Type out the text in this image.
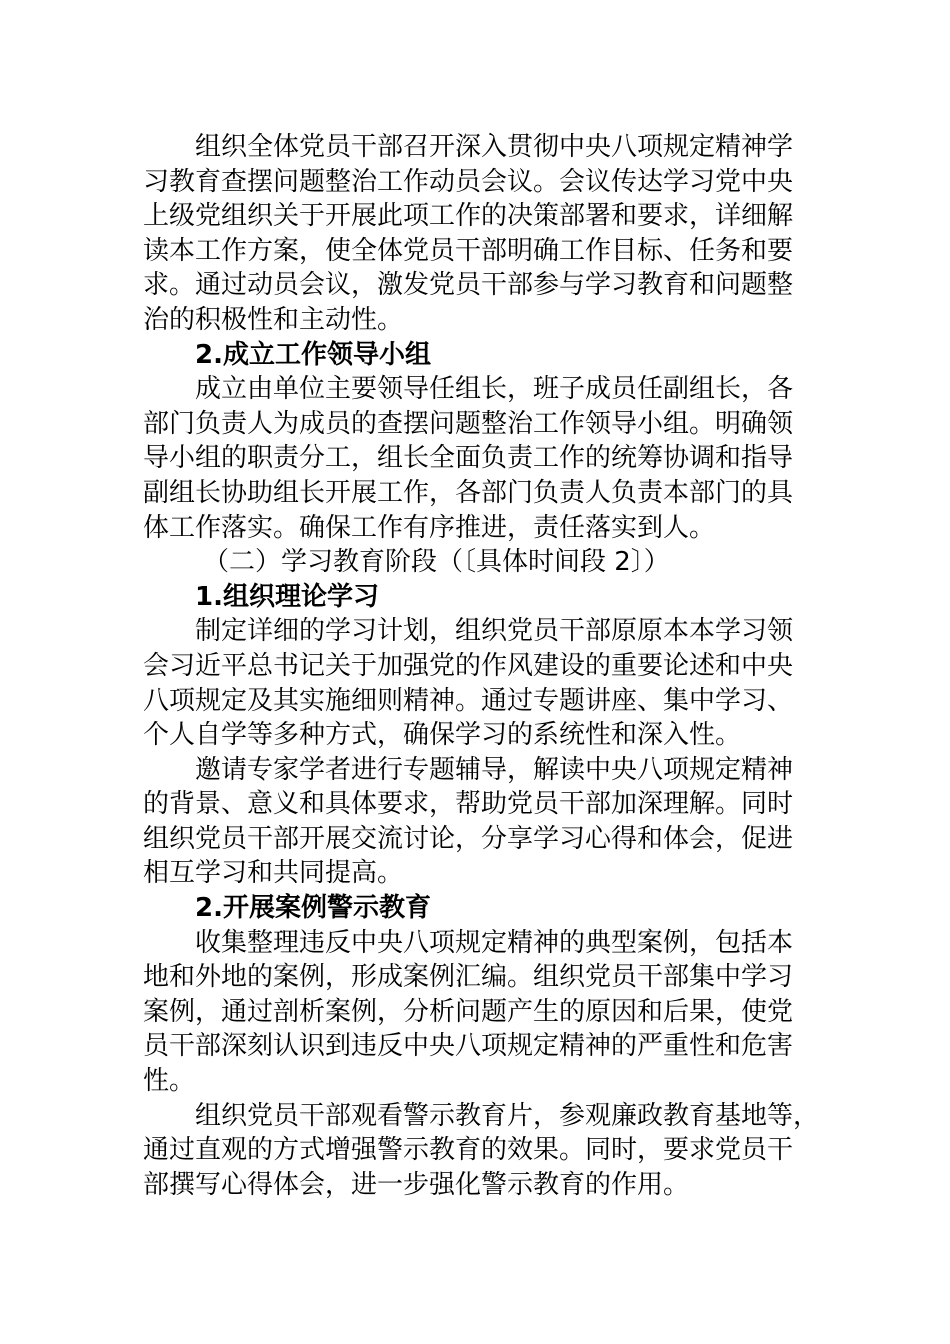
组织全体党员干部召开深入贯彻中央八项规定精神学
习教育查摆问题整治工作动员会议。会议传达学习党中央
上级党组织关于开展此项工作的决策部署和要求，详细解
读本工作方案，使全体党员干部明确工作目标、任务和要
求。通过动员会议，激发党员干部参与学习教育和问题整
治的积极性和主动性。
2.成立工作领导小组
成立由单位主要领导任组长，班子成员任副组长，各
部门负责人为成员的查摆问题整治工作领导小组。明确领
导小组的职责分工，组长全面负责工作的统筹协调和指导
副组长协助组长开展工作，各部门负责人负责本部门的具
体工作落实。确保工作有序推进，责任落实到人。
（二）学习教育阶段（〔具体时间段 2〕）
1.组织理论学习
制定详细的学习计划，组织党员干部原原本本学习领
会习近平总书记关于加强党的作风建设的重要论述和中央
八项规定及其实施细则精神。通过专题讲座、集中学习、
个人自学等多种方式，确保学习的系统性和深入性。
邀请专家学者进行专题辅导，解读中央八项规定精神
的背景、意义和具体要求，帮助党员干部加深理解。同时
组织党员干部开展交流讨论，分享学习心得和体会，促进
相互学习和共同提高。
2.开展案例警示教育
收集整理违反中央八项规定精神的典型案例，包括本
地和外地的案例，形成案例汇编。组织党员干部集中学习
案例，通过剖析案例，分析问题产生的原因和后果，使党
员干部深刻认识到违反中央八项规定精神的严重性和危害
性。
组织党员干部观看警示教育片，参观廉政教育基地等，
通过直观的方式增强警示教育的效果。同时，要求党员干
部撰写心得体会，进一步强化警示教育的作用。
